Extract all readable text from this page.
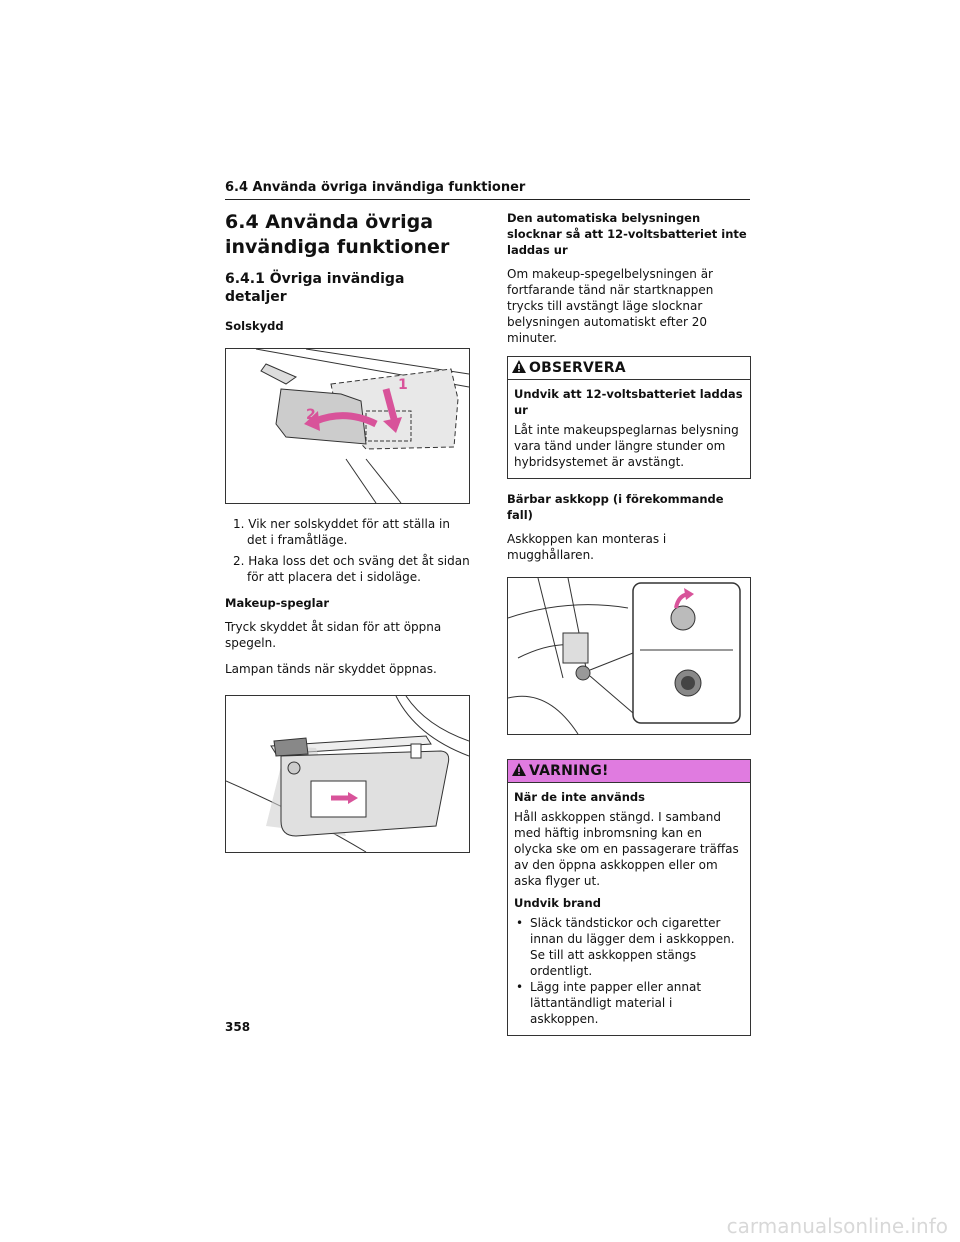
6.4 Använda övriga invändiga funktioner
6.4 Använda övriga invändiga funktioner
6.4.1 Övriga invändiga detaljer
Solskydd
1
2
1. Vik ner solskyddet för att ställa in det i framåtläge.
2. Haka loss det och sväng det åt sidan för att placera det i sidoläge.
Makeup-speglar

Tryck skyddet åt sidan för att öppna spegeln.

Lampan tänds när skyddet öppnas.

Den automatiska belysningen slocknar så att 12-voltsbatteriet inte laddas ur

Om makeup-spegelbelysningen är fortfarande tänd när startknappen trycks till avstängt läge slocknar belysningen automatiskt efter 20 minuter.

OBSERVERA
Undvik att 12-voltsbatteriet laddas ur

Låt inte makeupspeglarnas belysning vara tänd under längre stunder om hybridsystemet är avstängt.

Bärbar askkopp (i förekommande fall)

Askkoppen kan monteras i mugghållaren.

VARNING!
När de inte används

Håll askkoppen stängd. I samband med häftig inbromsning kan en olycka ske om en passagerare träffas av den öppna askkoppen eller om aska flyger ut.

Undvik brand
• Släck tändstickor och cigaretter innan du lägger dem i askkoppen. Se till att askkoppen stängs ordentligt.
• Lägg inte papper eller annat lättantändligt material i askkoppen.
358
carmanualsonline.info
